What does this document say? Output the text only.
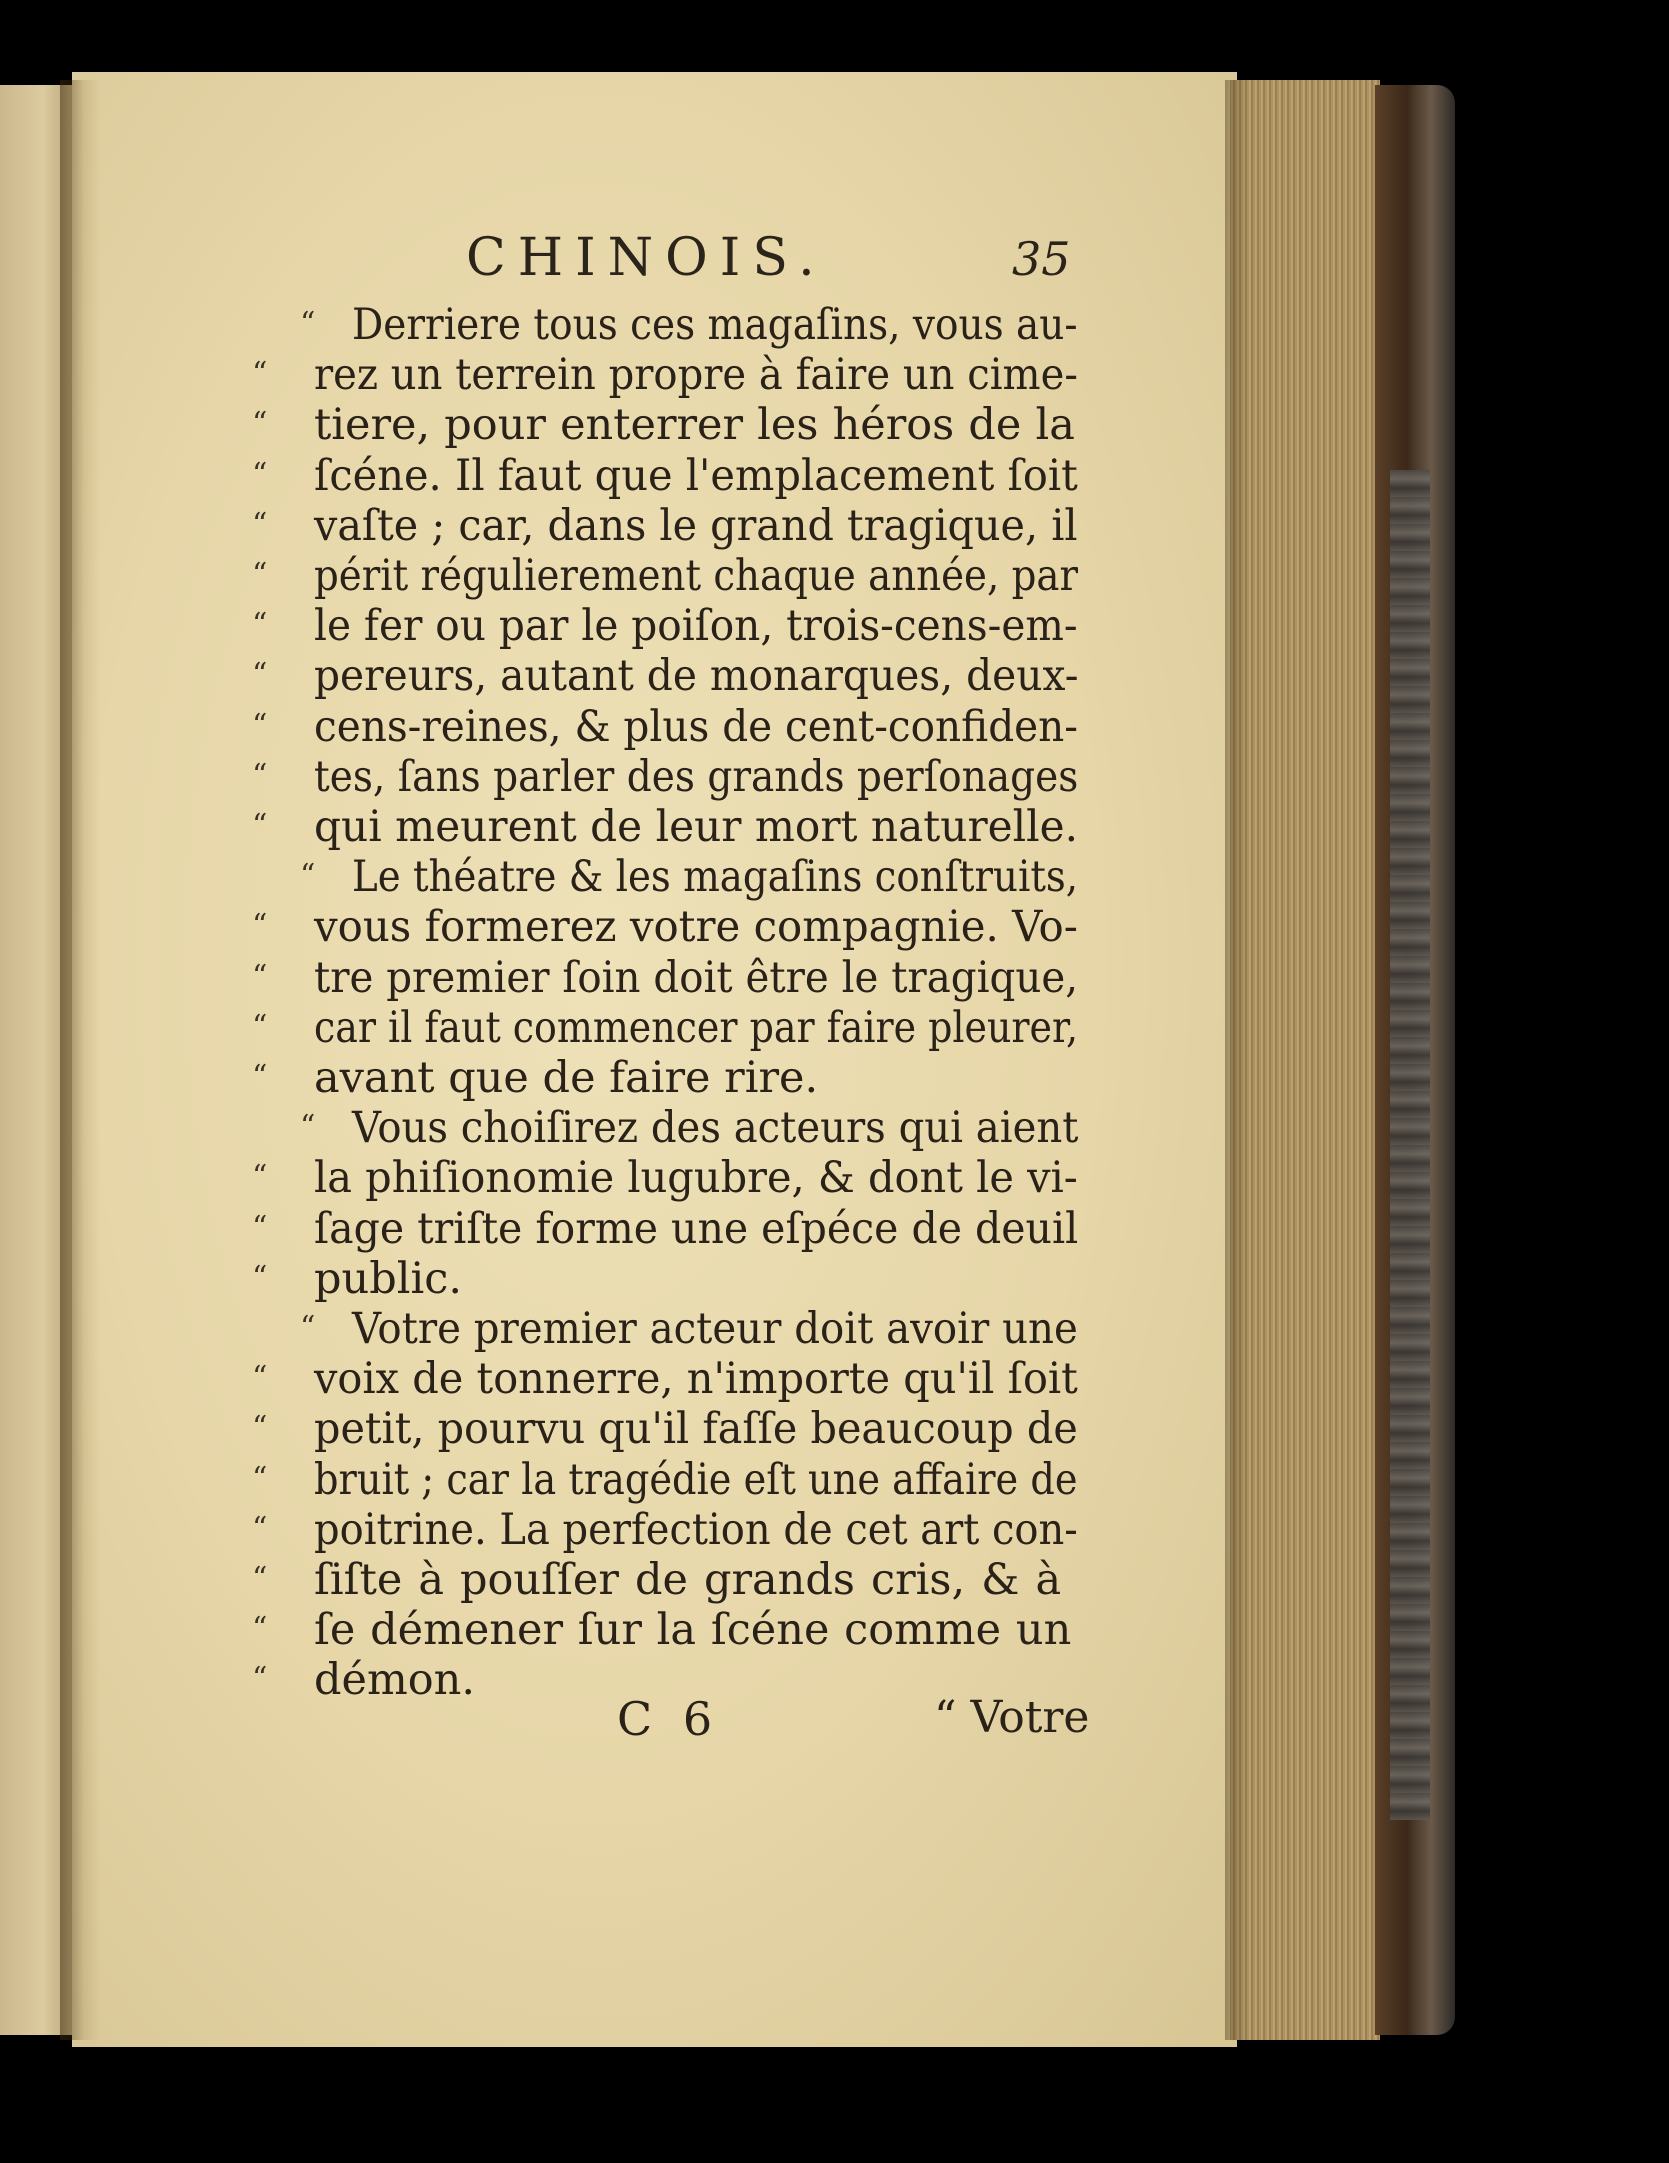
CHINOIS.	35
“ Derriere tous ces magaſins, vous au-
“ rez un terrein propre à faire un cime-
“ tiere, pour enterrer les héros de la
“ ſcéne. Il faut que l'emplacement ſoit
“ vaſte ; car, dans le grand tragique, il
“ périt régulierement chaque année, par
“ le fer ou par le poiſon, trois-cens-em-
“ pereurs, autant de monarques, deux-
“ cens-reines, & plus de cent-confiden-
“ tes, ſans parler des grands perſonages
“ qui meurent de leur mort naturelle.
“ Le théatre & les magaſins conſtruits,
“ vous formerez votre compagnie. Vo-
“ tre premier ſoin doit être le tragique,
“ car il faut commencer par faire pleurer,
“ avant que de faire rire.
“ Vous choiſirez des acteurs qui aient
“ la phiſionomie lugubre, & dont le vi-
“ ſage triſte forme une eſpéce de deuil
“ public.
“ Votre premier acteur doit avoir une
“ voix de tonnerre, n'importe qu'il ſoit
“ petit, pourvu qu'il faſſe beaucoup de
“ bruit ; car la tragédie eſt une affaire de
“ poitrine. La perfection de cet art con-
“ ſiſte à pouſſer de grands cris, & à
“ ſe démener ſur la ſcéne comme un
“ démon.
C 6	“ Votre
